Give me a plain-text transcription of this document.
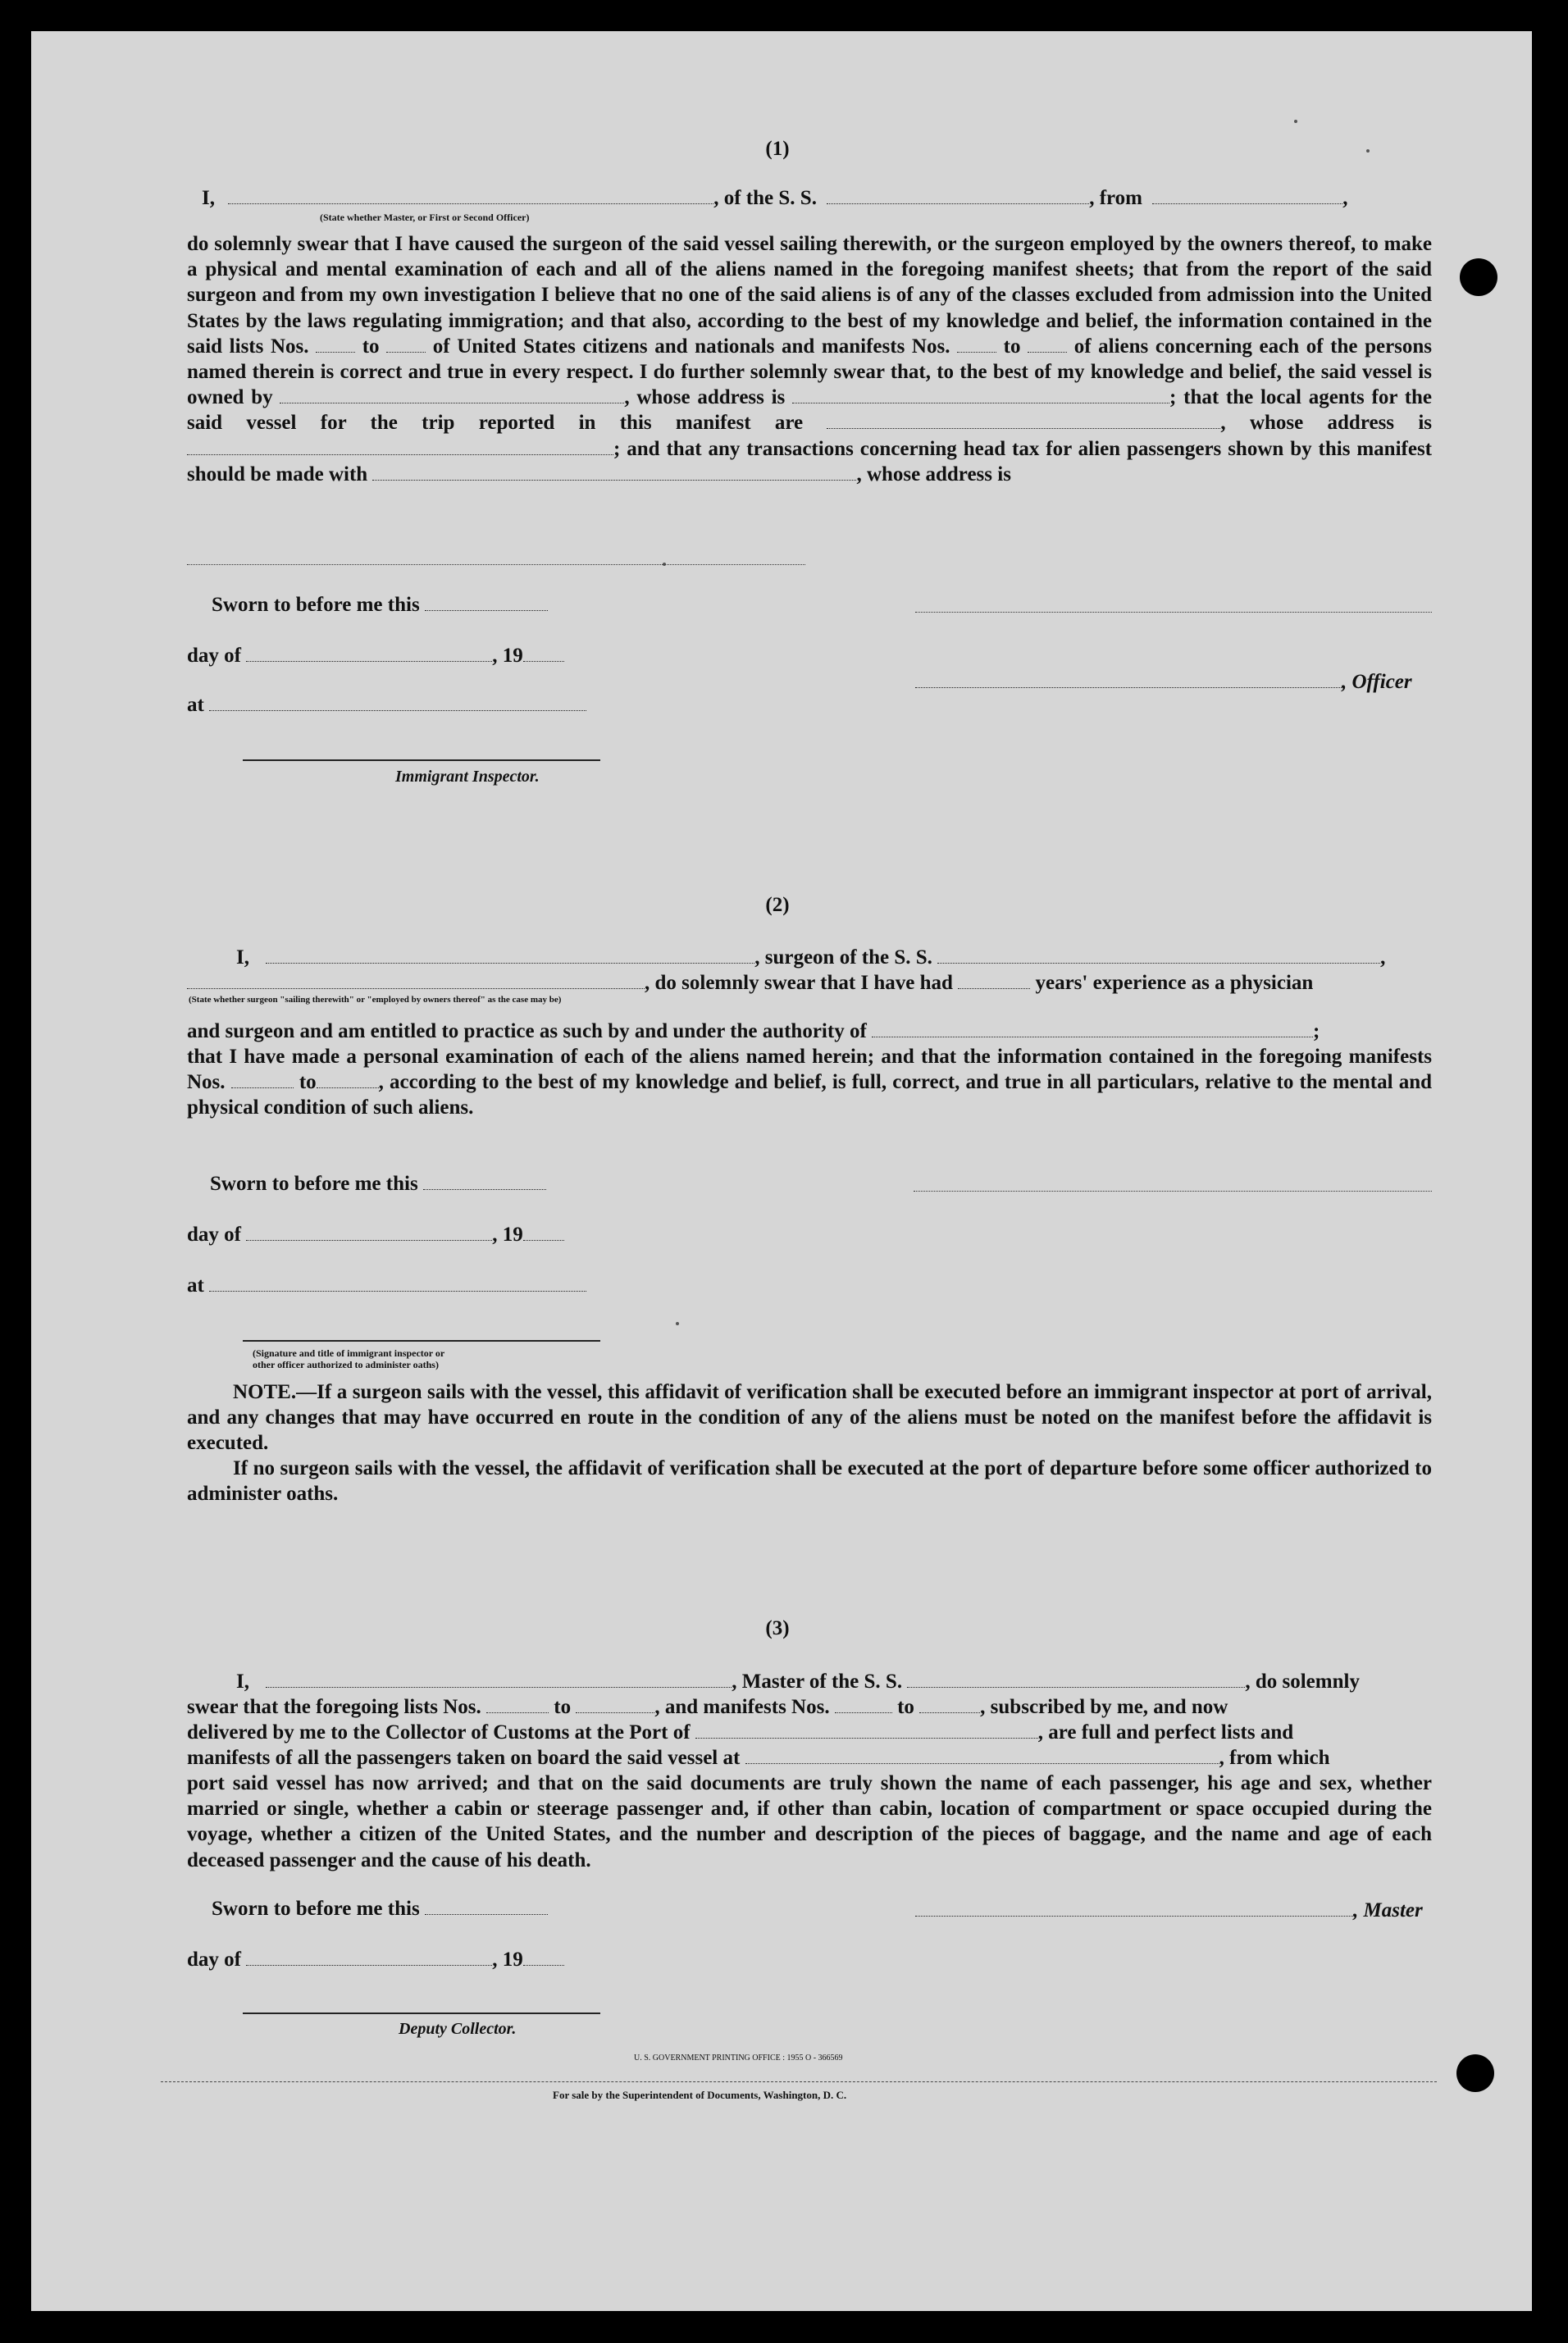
(1)
I,	, of the S. S.	, from	,
(State whether Master, or First or Second Officer)
do solemnly swear that I have caused the surgeon of the said vessel sailing therewith, or the surgeon employed by the owners thereof, to make a physical and mental examination of each and all of the aliens named in the foregoing manifest sheets; that from the report of the said surgeon and from my own investigation I believe that no one of the said aliens is of any of the classes excluded from admission into the United States by the laws regulating immigration; and that also, according to the best of my knowledge and belief, the information contained in the said lists Nos.	to	of United States citizens and nationals and manifests Nos.	to	of aliens concerning each of the persons named therein is correct and true in every respect. I do further solemnly swear that, to the best of my knowledge and belief, the said vessel is owned by	, whose address is	; that the local agents for the said vessel for the trip reported in this manifest are	, whose address is ; and that any transactions concerning head tax for alien passengers shown by this manifest should be made with	, whose address is
Sworn to before me this
day of	, 19
, Officer
at
Immigrant Inspector.
(2)
I,	, surgeon of the S. S.	,
, do solemnly swear that I have had	years' experience as a physician
(State whether surgeon "sailing therewith" or "employed by owners thereof" as the case may be)
and surgeon and am entitled to practice as such by and under the authority of	;
that I have made a personal examination of each of the aliens named herein; and that the information contained in the foregoing manifests Nos.	to	, according to the best of my knowledge and belief, is full, correct, and true in all particulars, relative to the mental and physical condition of such aliens.
Sworn to before me this
day of	, 19
at
(Signature and title of immigrant inspector or
other officer authorized to administer oaths)
NOTE.—If a surgeon sails with the vessel, this affidavit of verification shall be executed before an immigrant inspector at port of arrival, and any changes that may have occurred en route in the condition of any of the aliens must be noted on the manifest before the affidavit is executed.
If no surgeon sails with the vessel, the affidavit of verification shall be executed at the port of departure before some officer authorized to administer oaths.
(3)
I,	, Master of the S. S.	, do solemnly
swear that the foregoing lists Nos.	to	, and manifests Nos.	to	, subscribed by me, and now
delivered by me to the Collector of Customs at the Port of	, are full and perfect lists and
manifests of all the passengers taken on board the said vessel at	, from which
port said vessel has now arrived; and that on the said documents are truly shown the name of each passenger, his age and sex, whether married or single, whether a cabin or steerage passenger and, if other than cabin, location of compartment or space occupied during the voyage, whether a citizen of the United States, and the number and description of the pieces of baggage, and the name and age of each deceased passenger and the cause of his death.
Sworn to before me this	, Master
day of	, 19
Deputy Collector.
U. S. GOVERNMENT PRINTING OFFICE : 1955 O - 366569
For sale by the Superintendent of Documents, Washington, D. C.
